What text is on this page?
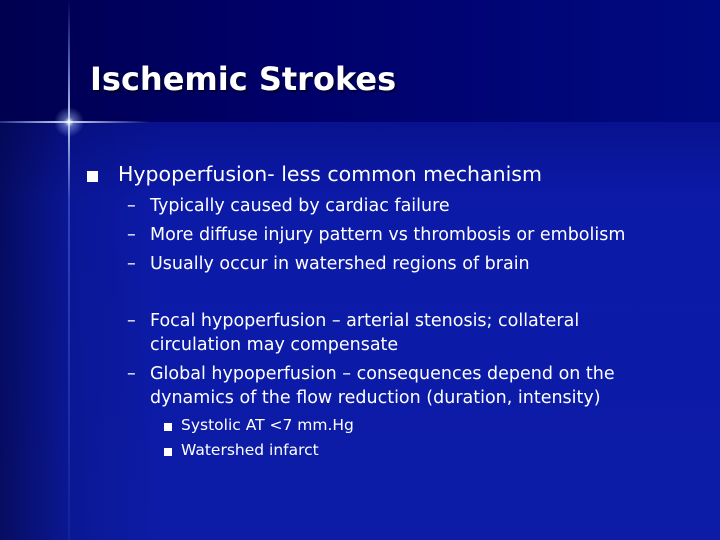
Ischemic Strokes
Hypoperfusion- less common mechanism
– Typically caused by cardiac failure
– More diffuse injury pattern vs thrombosis or embolism
– Usually occur in watershed regions of brain
– Focal hypoperfusion – arterial stenosis; collateral
circulation may compensate
– Global hypoperfusion – consequences depend on the
dynamics of the flow reduction (duration, intensity)
Systolic AT <7 mm.Hg
Watershed infarct
